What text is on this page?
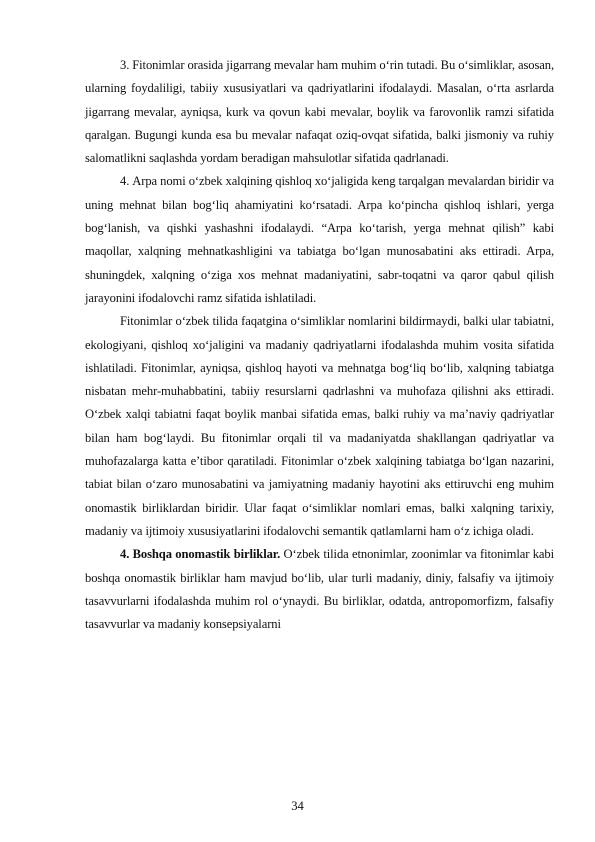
3. Fitonimlar orasida jigarrang mevalar ham muhim o‘rin tutadi. Bu o‘simliklar, asosan, ularning foydaliligi, tabiiy xususiyatlari va qadriyatlarini ifodalaydi. Masalan, o‘rta asrlarda jigarrang mevalar, ayniqsa, kurk va qovun kabi mevalar, boylik va farovonlik ramzi sifatida qaralgan. Bugungi kunda esa bu mevalar nafaqat oziq-ovqat sifatida, balki jismoniy va ruhiy salomatlikni saqlashda yordam beradigan mahsulotlar sifatida qadrlanadi.

4. Arpa nomi o‘zbek xalqining qishloq xo‘jaligida keng tarqalgan mevalardan biridir va uning mehnat bilan bog‘liq ahamiyatini ko‘rsatadi. Arpa ko‘pincha qishloq ishlari, yerga bog‘lanish, va qishki yashashni ifodalaydi. “Arpa ko‘tarish, yerga mehnat qilish” kabi maqollar, xalqning mehnatkashligini va tabiatga bo‘lgan munosabatini aks ettiradi. Arpa, shuningdek, xalqning o‘ziga xos mehnat madaniyatini, sabr-toqatni va qaror qabul qilish jarayonini ifodalovchi ramz sifatida ishlatiladi.

Fitonimlar o‘zbek tilida faqatgina o‘simliklar nomlarini bildirmaydi, balki ular tabiatni, ekologiyani, qishloq xo‘jaligini va madaniy qadriyatlarni ifodalashda muhim vosita sifatida ishlatiladi. Fitonimlar, ayniqsa, qishloq hayoti va mehnatga bog‘liq bo‘lib, xalqning tabiatga nisbatan mehr-muhabbatini, tabiiy resurslarni qadrlashni va muhofaza qilishni aks ettiradi. O‘zbek xalqi tabiatni faqat boylik manbai sifatida emas, balki ruhiy va ma’naviy qadriyatlar bilan ham bog‘laydi. Bu fitonimlar orqali til va madaniyatda shakllangan qadriyatlar va muhofazalarga katta e’tibor qaratiladi. Fitonimlar o‘zbek xalqining tabiatga bo‘lgan nazarini, tabiat bilan o‘zaro munosabatini va jamiyatning madaniy hayotini aks ettiruvchi eng muhim onomastik birliklardan biridir. Ular faqat o‘simliklar nomlari emas, balki xalqning tarixiy, madaniy va ijtimoiy xususiyatlarini ifodalovchi semantik qatlamlarni ham o‘z ichiga oladi.

4. Boshqa onomastik birliklar. O‘zbek tilida etnonimlar, zoonimlar va fitonimlar kabi boshqa onomastik birliklar ham mavjud bo‘lib, ular turli madaniy, diniy, falsafiy va ijtimoiy tasavvurlarni ifodalashda muhim rol o‘ynaydi. Bu birliklar, odatda, antropomorfizm, falsafiy tasavvurlar va madaniy konsepsiyalarni

34
